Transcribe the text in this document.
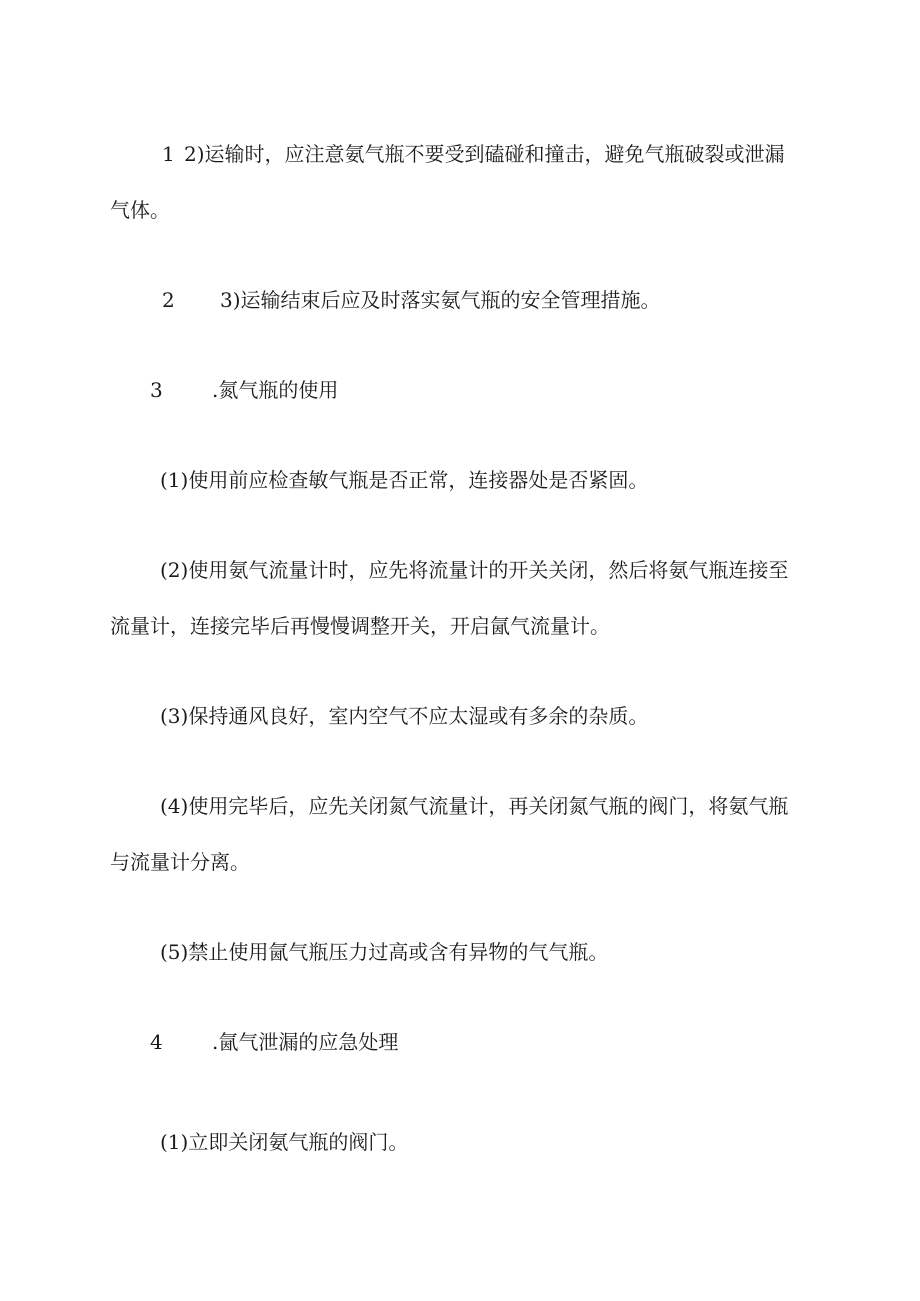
1 2)运输时，应注意氨气瓶不要受到磕碰和撞击，避免气瓶破裂或泄漏
气体。
2 3)运输结束后应及时落实氨气瓶的安全管理措施。
3 .氮气瓶的使用
(1)使用前应检查敏气瓶是否正常，连接器处是否紧固。
(2)使用氨气流量计时，应先将流量计的开关关闭，然后将氨气瓶连接至
流量计，连接完毕后再慢慢调整开关，开启氤气流量计。
(3)保持通风良好，室内空气不应太湿或有多余的杂质。
(4)使用完毕后，应先关闭氮气流量计，再关闭氮气瓶的阀门，将氨气瓶
与流量计分离。
(5)禁止使用氤气瓶压力过高或含有异物的气气瓶。
4 .氤气泄漏的应急处理
(1)立即关闭氨气瓶的阀门。
